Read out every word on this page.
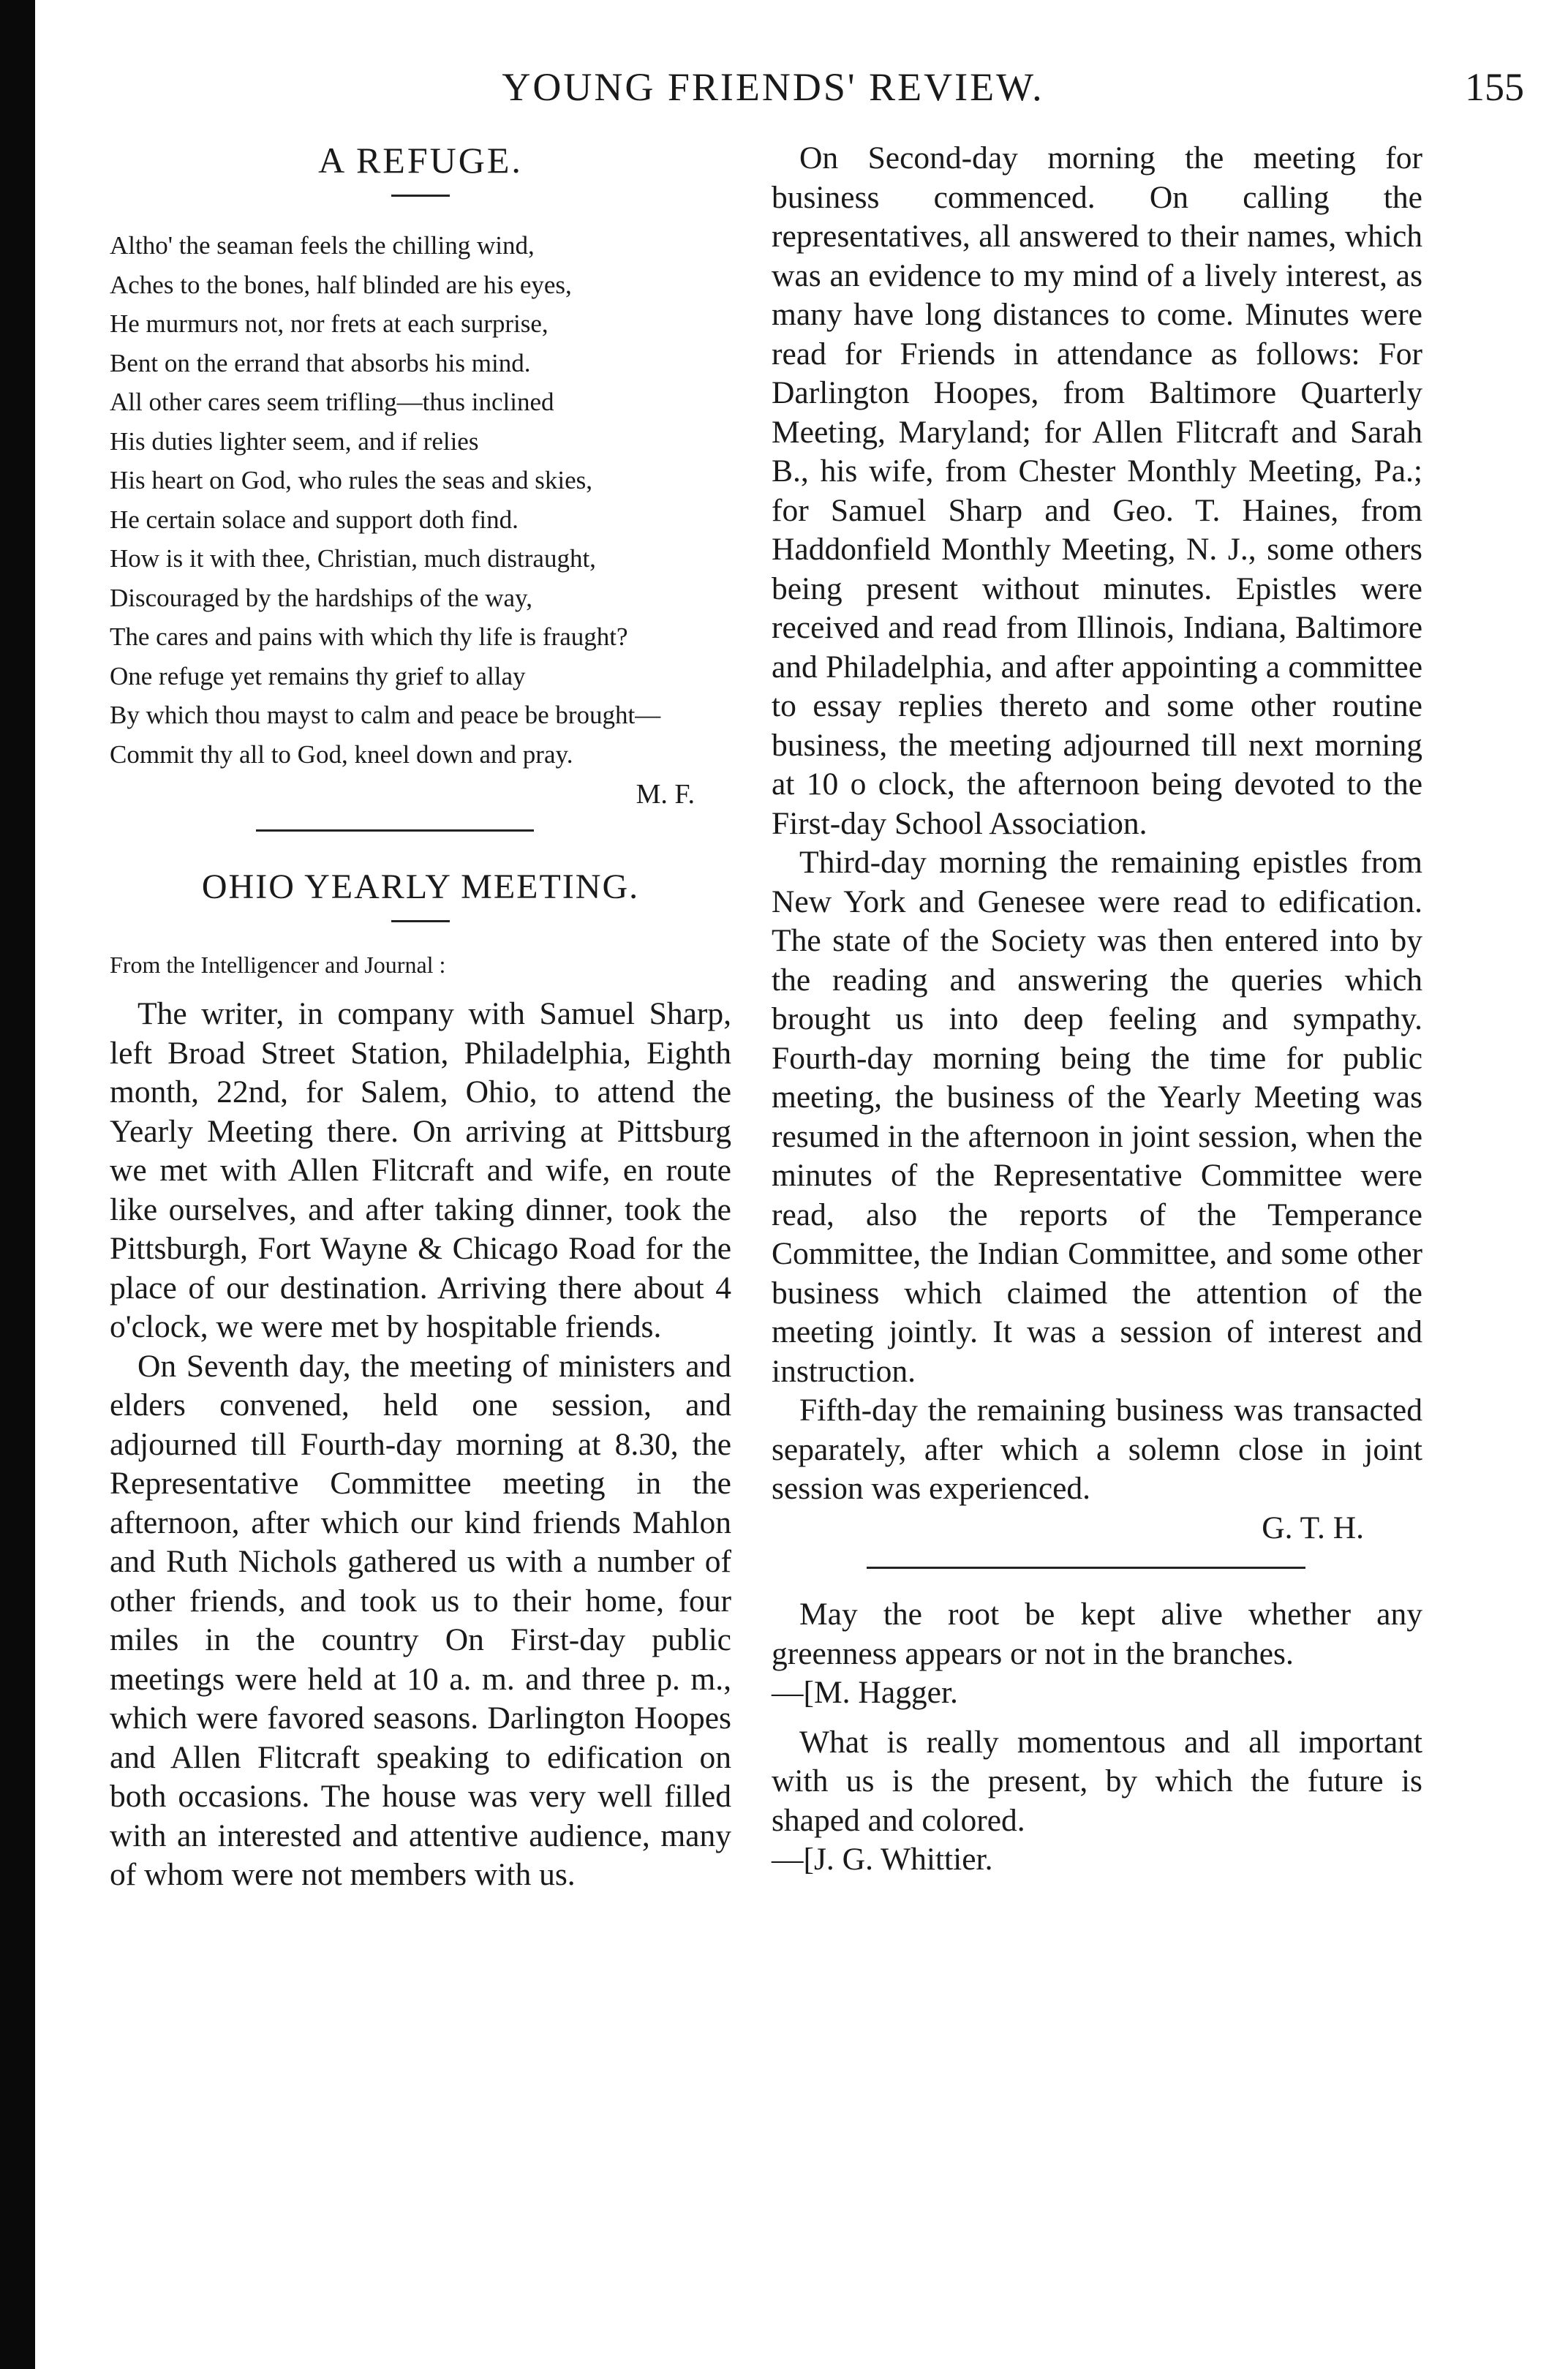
YOUNG FRIENDS' REVIEW.	155
A REFUGE.

Altho' the seaman feels the chilling wind,

Aches to the bones, half blinded are his eyes,

He murmurs not, nor frets at each surprise,

Bent on the errand that absorbs his mind.

All other cares seem trifling—thus inclined

His duties lighter seem, and if relies

His heart on God, who rules the seas and skies,

He certain solace and support doth find.

How is it with thee, Christian, much distraught,

Discouraged by the hardships of the way,

The cares and pains with which thy life is fraught?

One refuge yet remains thy grief to allay

By which thou mayst to calm and peace be brought—

Commit thy all to God, kneel down and pray.

M. F.
OHIO YEARLY MEETING.
From the Intelligencer and Journal :

The writer, in company with Samuel Sharp, left Broad Street Station, Philadelphia, Eighth month, 22nd, for Salem, Ohio, to attend the Yearly Meeting there. On arriving at Pittsburg we met with Allen Flitcraft and wife, en route like ourselves, and after taking dinner, took the Pittsburgh, Fort Wayne & Chicago Road for the place of our destination. Arriving there about 4 o'clock, we were met by hospitable friends.

On Seventh day, the meeting of ministers and elders convened, held one session, and adjourned till Fourth-day morning at 8.30, the Representative Committee meeting in the afternoon, after which our kind friends Mahlon and Ruth Nichols gathered us with a number of other friends, and took us to their home, four miles in the country On First-day public meetings were held at 10 a. m. and three p. m., which were favored seasons. Darlington Hoopes and Allen Flitcraft speaking to edification on both occasions. The house was very well filled with an interested and attentive audience, many of whom were not members with us.

On Second-day morning the meeting for business commenced. On calling the representatives, all answered to their names, which was an evidence to my mind of a lively interest, as many have long distances to come. Minutes were read for Friends in attendance as follows: For Darlington Hoopes, from Baltimore Quarterly Meeting, Maryland; for Allen Flitcraft and Sarah B., his wife, from Chester Monthly Meeting, Pa.; for Samuel Sharp and Geo. T. Haines, from Haddonfield Monthly Meeting, N. J., some others being present without minutes. Epistles were received and read from Illinois, Indiana, Baltimore and Philadelphia, and after appointing a committee to essay replies thereto and some other routine business, the meeting adjourned till next morning at 10 o clock, the afternoon being devoted to the First-day School Association.

Third-day morning the remaining epistles from New York and Genesee were read to edification. The state of the Society was then entered into by the reading and answering the queries which brought us into deep feeling and sympathy. Fourth-day morning being the time for public meeting, the business of the Yearly Meeting was resumed in the afternoon in joint session, when the minutes of the Representative Committee were read, also the reports of the Temperance Committee, the Indian Committee, and some other business which claimed the attention of the meeting jointly. It was a session of interest and instruction.

Fifth-day the remaining business was transacted separately, after which a solemn close in joint session was experienced.

G. T. H.

May the root be kept alive whether any greenness appears or not in the branches.

—[M. Hagger.

What is really momentous and all important with us is the present, by which the future is shaped and colored.

—[J. G. Whittier.
